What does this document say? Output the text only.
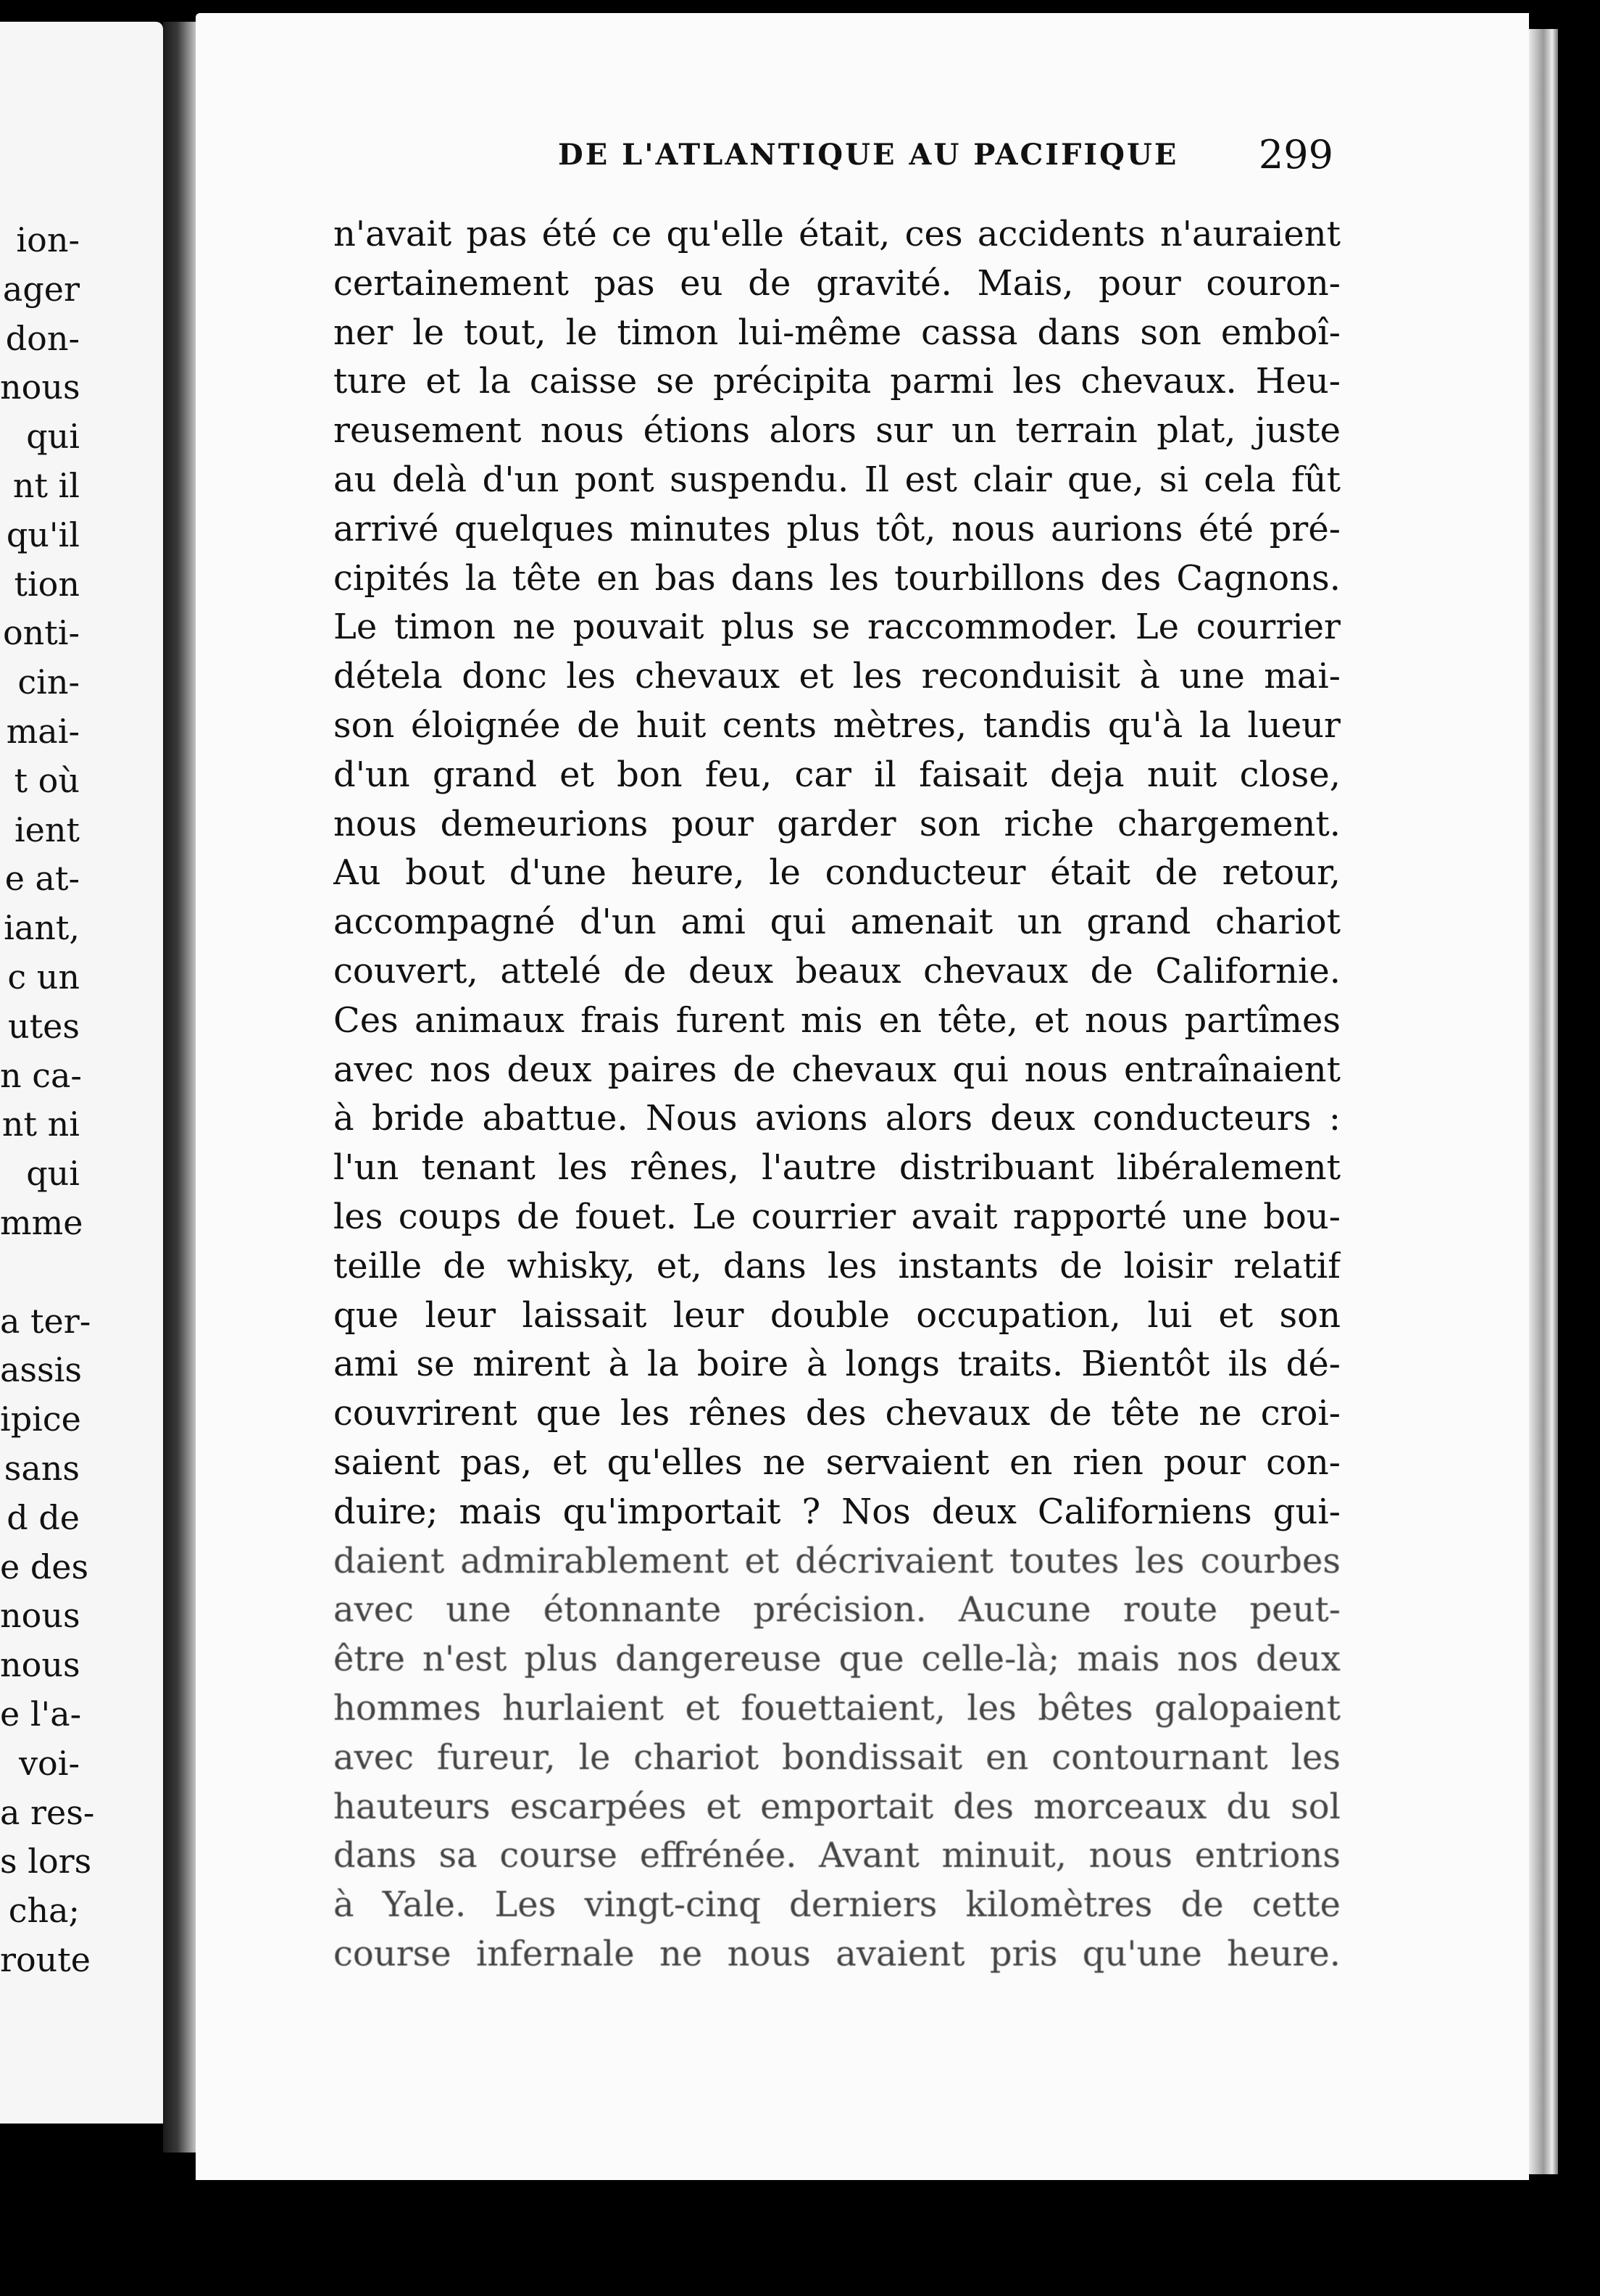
ion-
ager
don-
nous
qui
nt il
qu'il
tion
onti-
cin-
mai-
t où
ient
e at-
iant,
c un
utes
n ca-
nt ni
qui
mme
a ter-
assis
ipice
sans
d de
e des
nous
nous
e l'a-
voi-
a res-
s lors
cha;
route
DE L'ATLANTIQUE AU PACIFIQUE 299
n'avait pas été ce qu'elle était, ces accidents n'auraient
certainement pas eu de gravité. Mais, pour couron-
ner le tout, le timon lui-même cassa dans son emboî-
ture et la caisse se précipita parmi les chevaux. Heu-
reusement nous étions alors sur un terrain plat, juste
au delà d'un pont suspendu. Il est clair que, si cela fût
arrivé quelques minutes plus tôt, nous aurions été pré-
cipités la tête en bas dans les tourbillons des Cagnons.
Le timon ne pouvait plus se raccommoder. Le courrier
dételа donc les chevaux et les reconduisit à une mai-
son éloignée de huit cents mètres, tandis qu'à la lueur
d'un grand et bon feu, car il faisait deja nuit close,
nous demeurions pour garder son riche chargement.
Au bout d'une heure, le conducteur était de retour,
accompagné d'un ami qui amenait un grand chariot
couvert, attelé de deux beaux chevaux de Californie.
Ces animaux frais furent mis en tête, et nous partîmes
avec nos deux paires de chevaux qui nous entraînaient
à bride abattue. Nous avions alors deux conducteurs :
l'un tenant les rênes, l'autre distribuant libéralement
les coups de fouet. Le courrier avait rapporté une bou-
teille de whisky, et, dans les instants de loisir relatif
que leur laissait leur double occupation, lui et son
ami se mirent à la boire à longs traits. Bientôt ils dé-
couvrirent que les rênes des chevaux de tête ne croi-
saient pas, et qu'elles ne servaient en rien pour con-
duire; mais qu'importait ? Nos deux Californiens gui-
daient admirablement et décrivaient toutes les courbes
avec une étonnante précision. Aucune route peut-
être n'est plus dangereuse que celle-là; mais nos deux
hommes hurlaient et fouettaient, les bêtes galopaient
avec fureur, le chariot bondissait en contournant les
hauteurs escarpées et emportait des morceaux du sol
dans sa course effrénée. Avant minuit, nous entrions
à Yale. Les vingt-cinq derniers kilomètres de cette
course infernale ne nous avaient pris qu'une heure.
